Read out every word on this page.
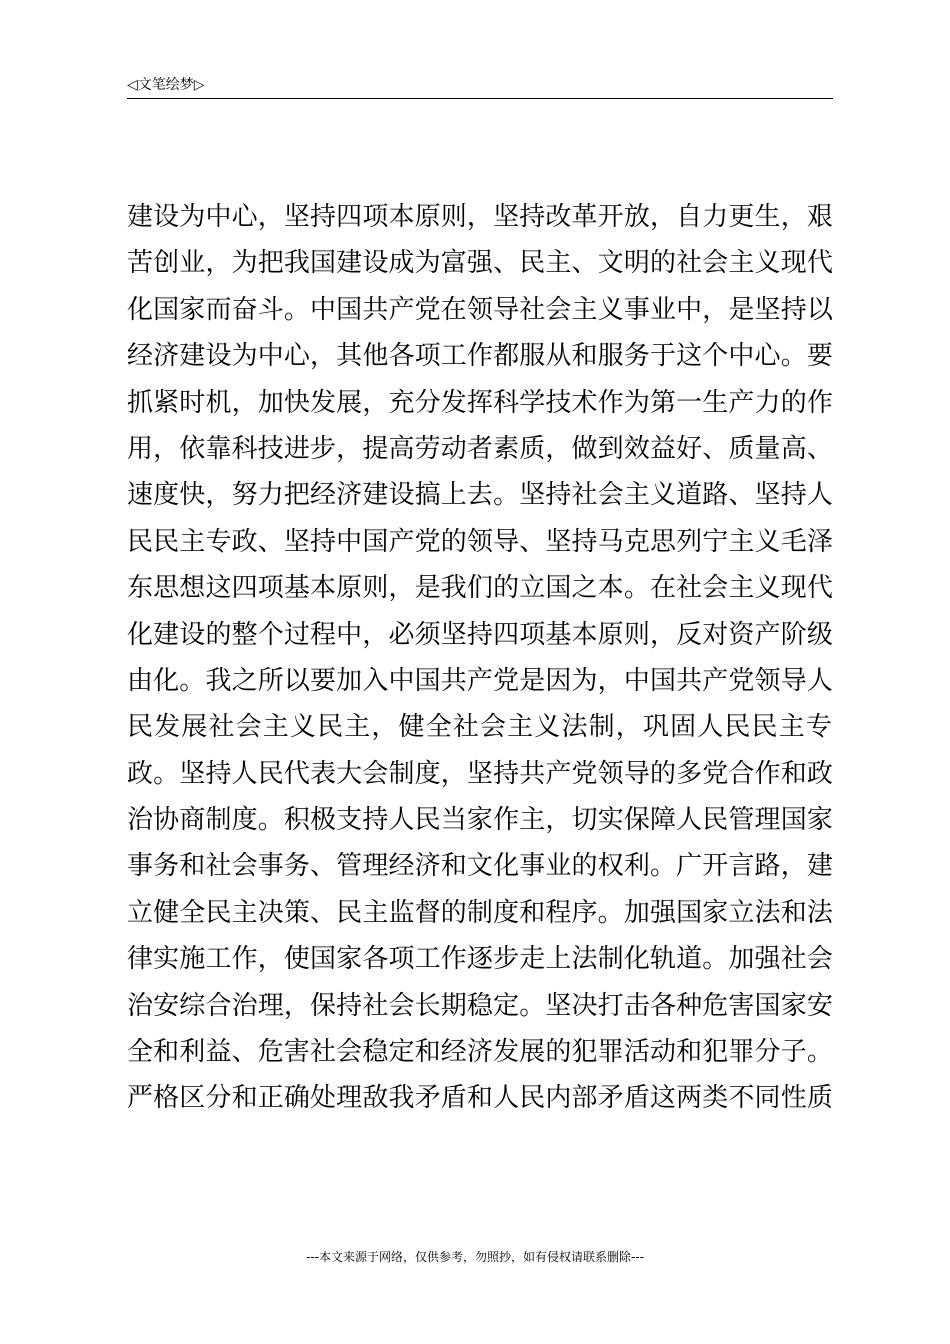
◁文笔绘梦▷
建设为中心，坚持四项本原则，坚持改革开放，自力更生，艰
苦创业，为把我国建设成为富强、民主、文明的社会主义现代
化国家而奋斗。中国共产党在领导社会主义事业中，是坚持以
经济建设为中心，其他各项工作都服从和服务于这个中心。要
抓紧时机，加快发展，充分发挥科学技术作为第一生产力的作
用，依靠科技进步，提高劳动者素质，做到效益好、质量高、
速度快，努力把经济建设搞上去。坚持社会主义道路、坚持人
民民主专政、坚持中国产党的领导、坚持马克思列宁主义毛泽
东思想这四项基本原则，是我们的立国之本。在社会主义现代
化建设的整个过程中，必须坚持四项基本原则，反对资产阶级
由化。我之所以要加入中国共产党是因为，中国共产党领导人
民发展社会主义民主，健全社会主义法制，巩固人民民主专
政。坚持人民代表大会制度，坚持共产党领导的多党合作和政
治协商制度。积极支持人民当家作主，切实保障人民管理国家
事务和社会事务、管理经济和文化事业的权利。广开言路，建
立健全民主决策、民主监督的制度和程序。加强国家立法和法
律实施工作，使国家各项工作逐步走上法制化轨道。加强社会
治安综合治理，保持社会长期稳定。坚决打击各种危害国家安
全和利益、危害社会稳定和经济发展的犯罪活动和犯罪分子。
严格区分和正确处理敌我矛盾和人民内部矛盾这两类不同性质
---本文来源于网络，仅供参考，勿照抄，如有侵权请联系删除---
